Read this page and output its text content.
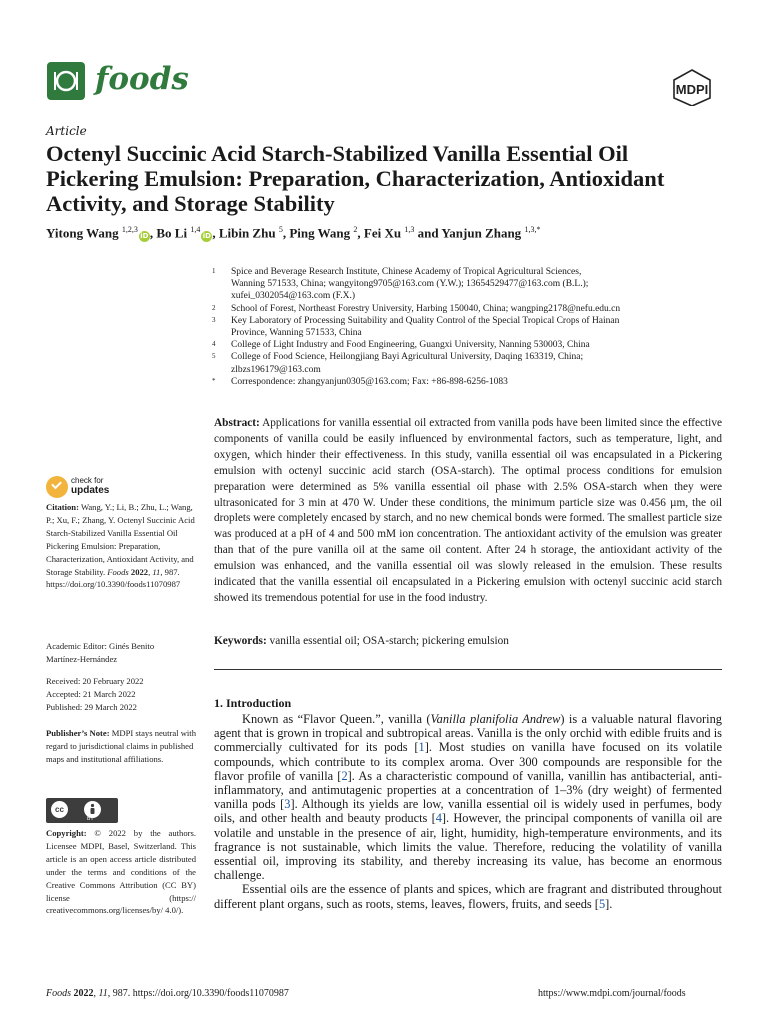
foods	MDPI
Article
Octenyl Succinic Acid Starch-Stabilized Vanilla Essential Oil
Pickering Emulsion: Preparation, Characterization, Antioxidant
Activity, and Storage Stability
Yitong Wang $^{1,2,3}$iD, Bo Li $^{1,4}$iD, Libin Zhu $^5$, Ping Wang $^2$, Fei Xu $^{1,3}$ and Yanjun Zhang $^{1,3,*}$
1	Spice and Beverage Research Institute, Chinese Academy of Tropical Agricultural Sciences,
Wanning 571533, China; wangyitong9705@163.com (Y.W.); 13654529477@163.com (B.L.);
xufei_0302054@163.com (F.X.)
2	School of Forest, Northeast Forestry University, Harbing 150040, China; wangping2178@nefu.edu.cn
3	Key Laboratory of Processing Suitability and Quality Control of the Special Tropical Crops of Hainan
Province, Wanning 571533, China
4	College of Light Industry and Food Engineering, Guangxi University, Nanning 530003, China
5	College of Food Science, Heilongjiang Bayi Agricultural University, Daqing 163319, China;
zlbzs196179@163.com
*	Correspondence: zhangyanjun0305@163.com; Fax: +86-898-6256-1083
Abstract: Applications for vanilla essential oil extracted from vanilla pods have been limited since the effective components of vanilla could be easily influenced by environmental factors, such as temperature, light, and oxygen, which hinder their effectiveness. In this study, vanilla essential oil was encapsulated in a Pickering emulsion with octenyl succinic acid starch (OSA-starch). The optimal process conditions for emulsion preparation were determined as 5% vanilla essential oil phase with 2.5% OSA-starch when they were ultrasonicated for 3 min at 470 W. Under these conditions, the minimum particle size was 0.456 µm, the oil droplets were completely encased by starch, and no new chemical bonds were formed. The smallest particle size was produced at a pH of 4 and 500 mM ion concentration. The antioxidant activity of the emulsion was greater than that of the pure vanilla oil at the same oil content. After 24 h storage, the antioxidant activity of the emulsion was enhanced, and the vanilla essential oil was slowly released in the emulsion. These results indicated that the vanilla essential oil encapsulated in a Pickering emulsion with octenyl succinic acid starch showed its tremendous potential for use in the food industry.
Keywords: vanilla essential oil; OSA-starch; pickering emulsion
1. Introduction

Known as “Flavor Queen.”, vanilla (Vanilla planifolia Andrew) is a valuable natural flavoring agent that is grown in tropical and subtropical areas. Vanilla is the only orchid with edible fruits and is commercially cultivated for its pods [1]. Most studies on vanilla have focused on its volatile compounds, which contribute to its complex aroma. Over 300 compounds are responsible for the flavor profile of vanilla [2]. As a characteristic compound of vanilla, vanillin has antibacterial, anti-inflammatory, and antimutagenic properties at a concentration of 1–3% (dry weight) of fermented vanilla pods [3]. Although its yields are low, vanilla essential oil is widely used in perfumes, body oils, and other health and beauty products [4]. However, the principal components of vanilla oil are volatile and unstable in the presence of air, light, humidity, high-temperature environments, and its fragrance is not sustainable, which limits the value. Therefore, reducing the volatility of vanilla essential oil, improving its stability, and thereby increasing its value, has become an enormous challenge.

Essential oils are the essence of plants and spices, which are fragrant and distributed throughout different plant organs, such as roots, stems, leaves, flowers, fruits, and seeds [5].

check for
updates
Citation: Wang, Y.; Li, B.; Zhu, L.; Wang, P.; Xu, F.; Zhang, Y. Octenyl Succinic Acid Starch-Stabilized Vanilla Essential Oil Pickering Emulsion: Preparation, Characterization, Antioxidant Activity, and Storage Stability. Foods 2022, 11, 987. https://doi.org/10.3390/foods11070987
Academic Editor: Ginés Benito Martínez-Hernández
Received: 20 February 2022
Accepted: 21 March 2022
Published: 29 March 2022
Publisher’s Note: MDPI stays neutral with regard to jurisdictional claims in published maps and institutional affiliations.
cc
BY
Copyright: © 2022 by the authors. Licensee MDPI, Basel, Switzerland. This article is an open access article distributed under the terms and conditions of the Creative Commons Attribution (CC BY) license (https:// creativecommons.org/licenses/by/ 4.0/).
Foods 2022, 11, 987. https://doi.org/10.3390/foods11070987	https://www.mdpi.com/journal/foods
